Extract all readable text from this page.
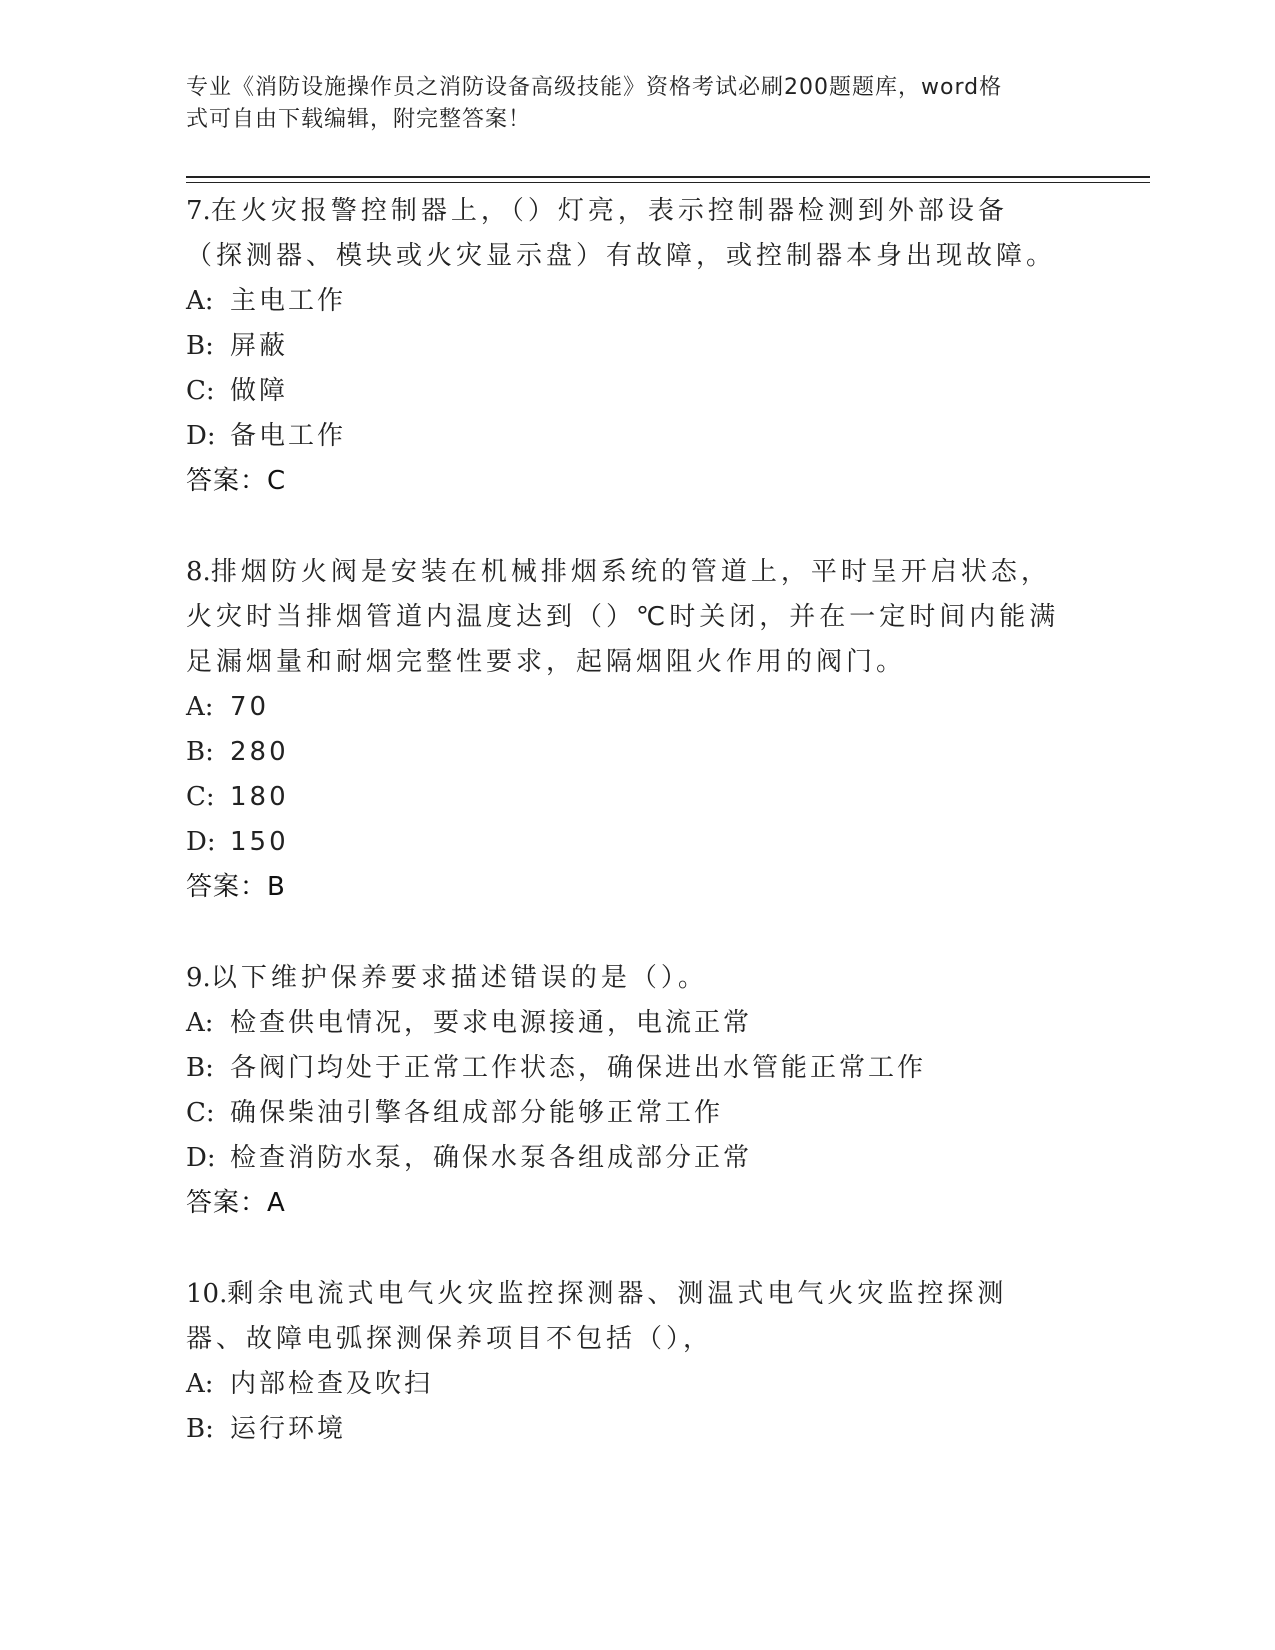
专业《消防设施操作员之消防设备高级技能》资格考试必刷200题题库，word格
式可自由下载编辑，附完整答案！
7.在火灾报警控制器上，（）灯亮，表示控制器检测到外部设备（探测器、模块或火灾显示盘）有故障，或控制器本身出现故障。
A: 主电工作
B: 屏蔽
C: 做障
D: 备电工作
答案：C
8.排烟防火阀是安装在机械排烟系统的管道上，平时呈开启状态，火灾时当排烟管道内温度达到（）℃时关闭，并在一定时间内能满足漏烟量和耐烟完整性要求，起隔烟阻火作用的阀门。
A: 70
B: 280
C: 180
D: 150
答案：B
9.以下维护保养要求描述错误的是（）。
A: 检查供电情况，要求电源接通，电流正常
B: 各阀门均处于正常工作状态，确保进出水管能正常工作
C: 确保柴油引擎各组成部分能够正常工作
D: 检查消防水泵，确保水泵各组成部分正常
答案：A
10.剩余电流式电气火灾监控探测器、测温式电气火灾监控探测器、故障电弧探测保养项目不包括（），
A: 内部检查及吹扫
B: 运行环境
